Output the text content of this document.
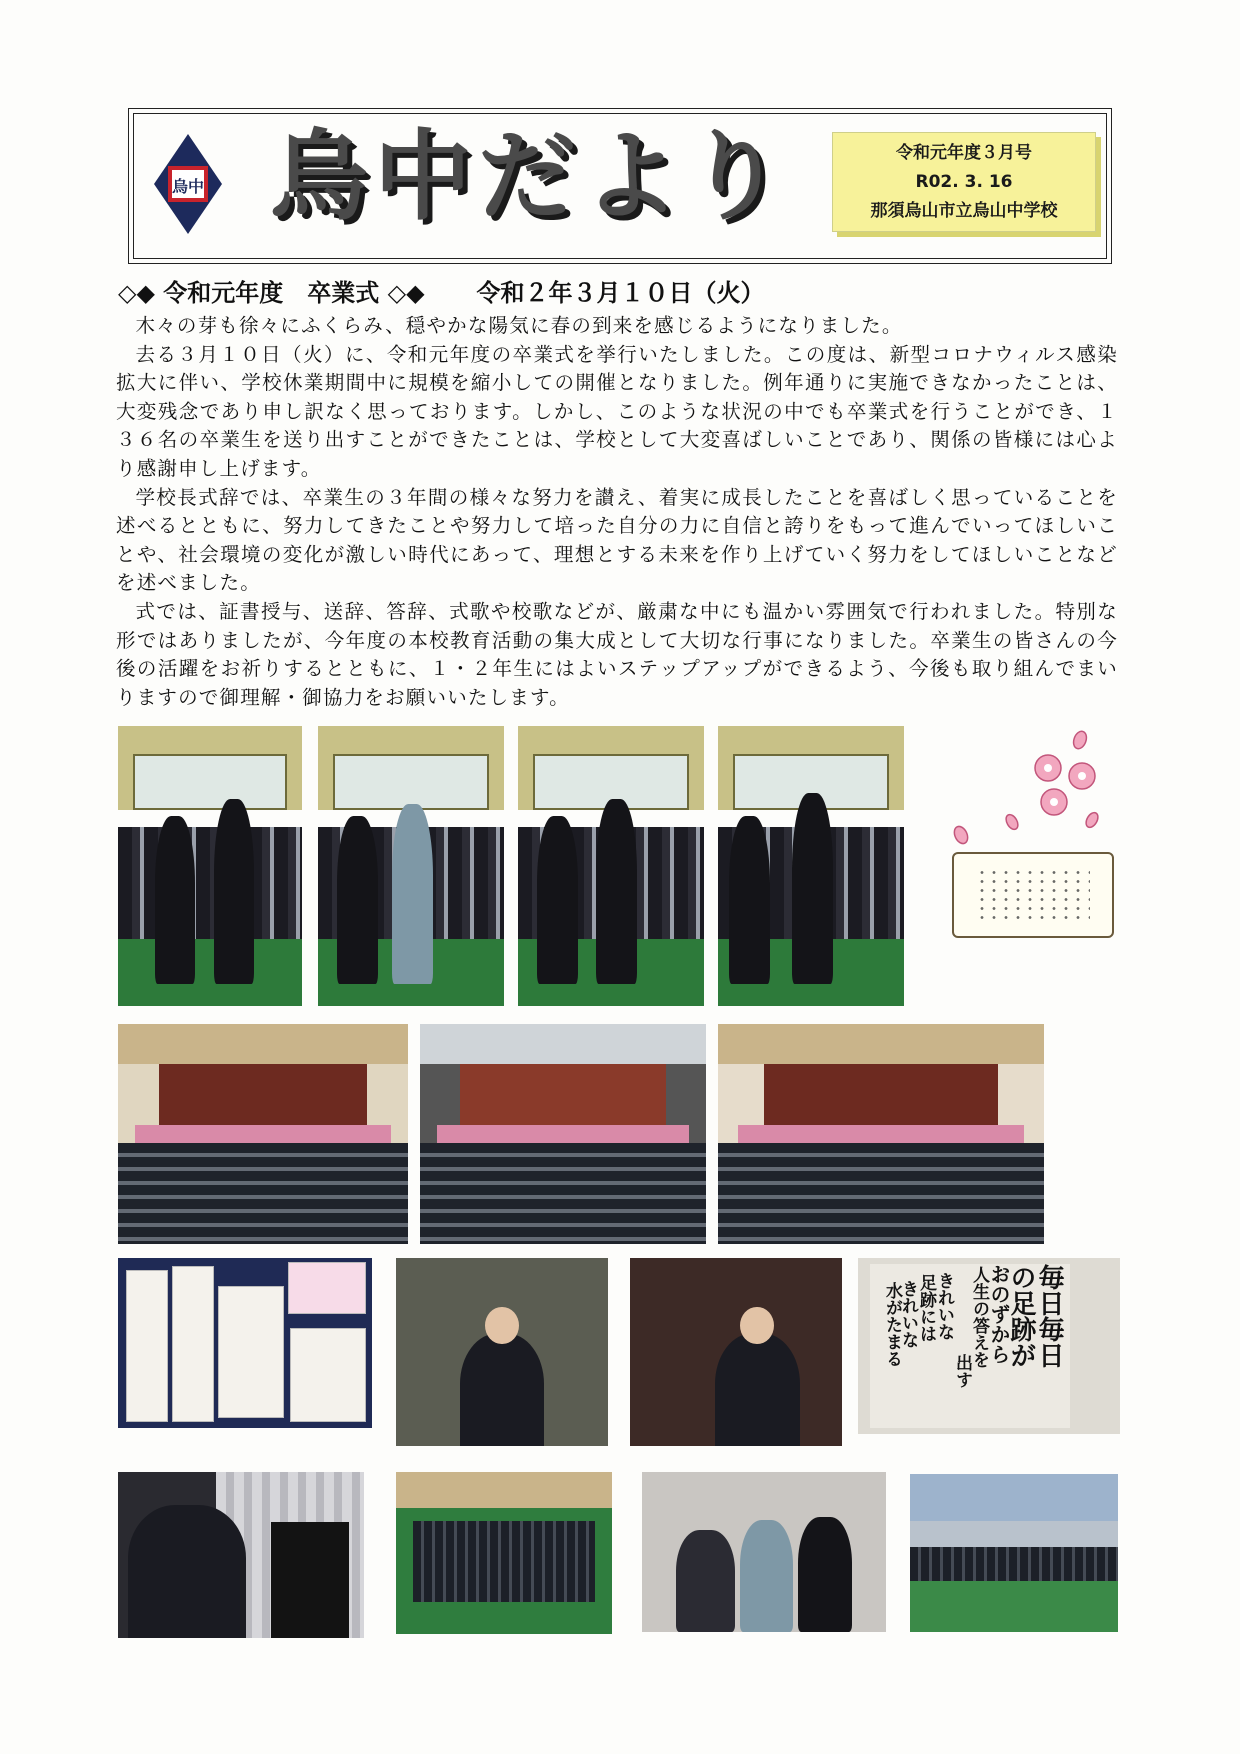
烏中 烏中だより	令和元年度３月号
R02. 3. 16
那須烏山市立烏山中学校
◇◆ 令和元年度　卒業式 ◇◆ 令和２年３月１０日（火）

木々の芽も徐々にふくらみ、穏やかな陽気に春の到来を感じるようになりました。

去る３月１０日（火）に、令和元年度の卒業式を挙行いたしました。この度は、新型コロナウィルス感染拡大に伴い、学校休業期間中に規模を縮小しての開催となりました。例年通りに実施できなかったことは、大変残念であり申し訳なく思っております。しかし、このような状況の中でも卒業式を行うことができ、１３６名の卒業生を送り出すことができたことは、学校として大変喜ばしいことであり、関係の皆様には心より感謝申し上げます。

学校長式辞では、卒業生の３年間の様々な努力を讃え、着実に成長したことを喜ばしく思っていることを述べるとともに、努力してきたことや努力して培った自分の力に自信と誇りをもって進んでいってほしいことや、社会環境の変化が激しい時代にあって、理想とする未来を作り上げていく努力をしてほしいことなどを述べました。

式では、証書授与、送辞、答辞、式歌や校歌などが、厳粛な中にも温かい雰囲気で行われました。特別な形ではありましたが、今年度の本校教育活動の集大成として大切な行事になりました。卒業生の皆さんの今後の活躍をお祈りするとともに、１・２年生にはよいステップアップができるよう、今後も取り組んでまいりますので御理解・御協力をお願いいたします。

毎日毎日
の足跡が
おのずから
人生の答えを
出す
きれいな
足跡には
きれいな
水がたまる
